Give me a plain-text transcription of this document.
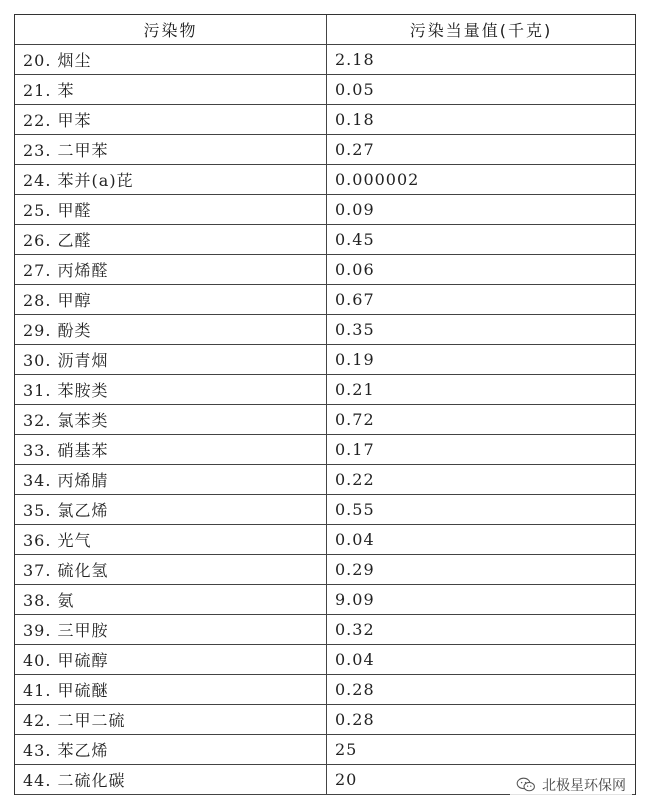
污染物	污染当量值(千克)
20. 烟尘	2.18
21. 苯	0.05
22. 甲苯	0.18
23. 二甲苯	0.27
24. 苯并(a)芘	0.000002
25. 甲醛	0.09
26. 乙醛	0.45
27. 丙烯醛	0.06
28. 甲醇	0.67
29. 酚类	0.35
30. 沥青烟	0.19
31. 苯胺类	0.21
32. 氯苯类	0.72
33. 硝基苯	0.17
34. 丙烯腈	0.22
35. 氯乙烯	0.55
36. 光气	0.04
37. 硫化氢	0.29
38. 氨	9.09
39. 三甲胺	0.32
40. 甲硫醇	0.04
41. 甲硫醚	0.28
42. 二甲二硫	0.28
43. 苯乙烯	25
44. 二硫化碳	20	北极星环保网
